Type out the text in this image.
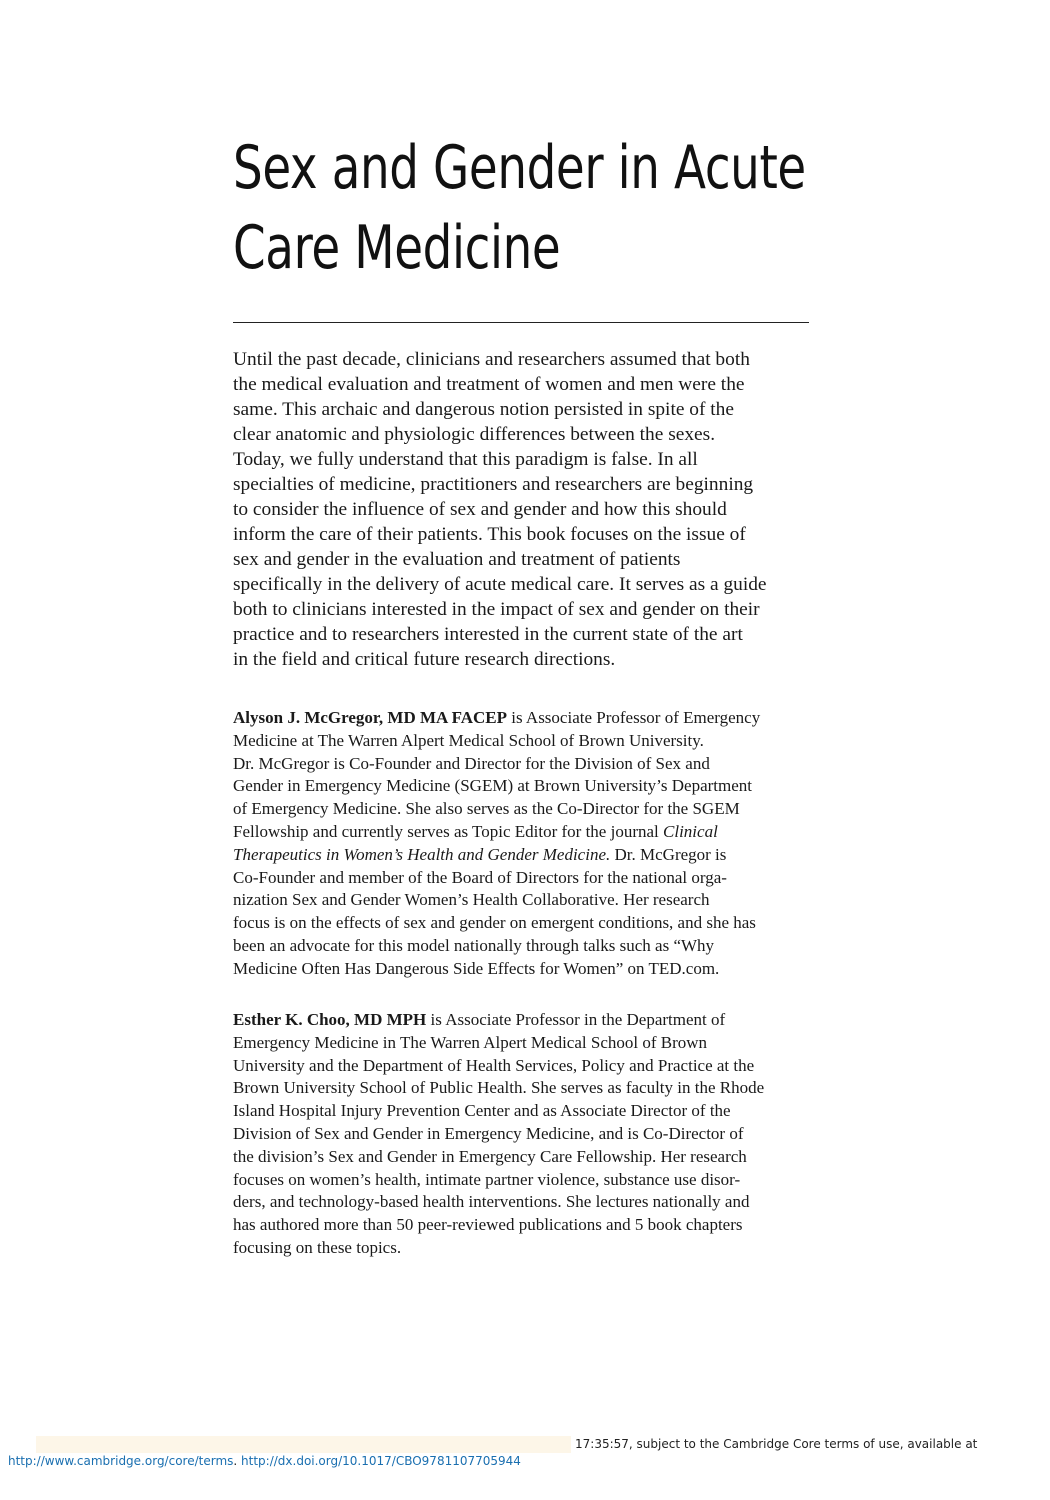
Sex and Gender in Acute
Care Medicine

Until the past decade, clinicians and researchers assumed that both
the medical evaluation and treatment of women and men were the
same. This archaic and dangerous notion persisted in spite of the
clear anatomic and physiologic differences between the sexes.
Today, we fully understand that this paradigm is false. In all
specialties of medicine, practitioners and researchers are beginning
to consider the influence of sex and gender and how this should
inform the care of their patients. This book focuses on the issue of
sex and gender in the evaluation and treatment of patients
specifically in the delivery of acute medical care. It serves as a guide
both to clinicians interested in the impact of sex and gender on their
practice and to researchers interested in the current state of the art
in the field and critical future research directions.

Alyson J. McGregor, MD MA FACEP is Associate Professor of Emergency
Medicine at The Warren Alpert Medical School of Brown University.
Dr. McGregor is Co-Founder and Director for the Division of Sex and
Gender in Emergency Medicine (SGEM) at Brown University’s Department
of Emergency Medicine. She also serves as the Co-Director for the SGEM
Fellowship and currently serves as Topic Editor for the journal Clinical
Therapeutics in Women’s Health and Gender Medicine. Dr. McGregor is
Co-Founder and member of the Board of Directors for the national orga-
nization Sex and Gender Women’s Health Collaborative. Her research
focus is on the effects of sex and gender on emergent conditions, and she has
been an advocate for this model nationally through talks such as “Why
Medicine Often Has Dangerous Side Effects for Women” on TED.com.

Esther K. Choo, MD MPH is Associate Professor in the Department of
Emergency Medicine in The Warren Alpert Medical School of Brown
University and the Department of Health Services, Policy and Practice at the
Brown University School of Public Health. She serves as faculty in the Rhode
Island Hospital Injury Prevention Center and as Associate Director of the
Division of Sex and Gender in Emergency Medicine, and is Co-Director of
the division’s Sex and Gender in Emergency Care Fellowship. Her research
focuses on women’s health, intimate partner violence, substance use disor-
ders, and technology-based health interventions. She lectures nationally and
has authored more than 50 peer-reviewed publications and 5 book chapters
focusing on these topics.

17:35:57, subject to the Cambridge Core terms of use, available at
http://www.cambridge.org/core/terms. http://dx.doi.org/10.1017/CBO9781107705944
